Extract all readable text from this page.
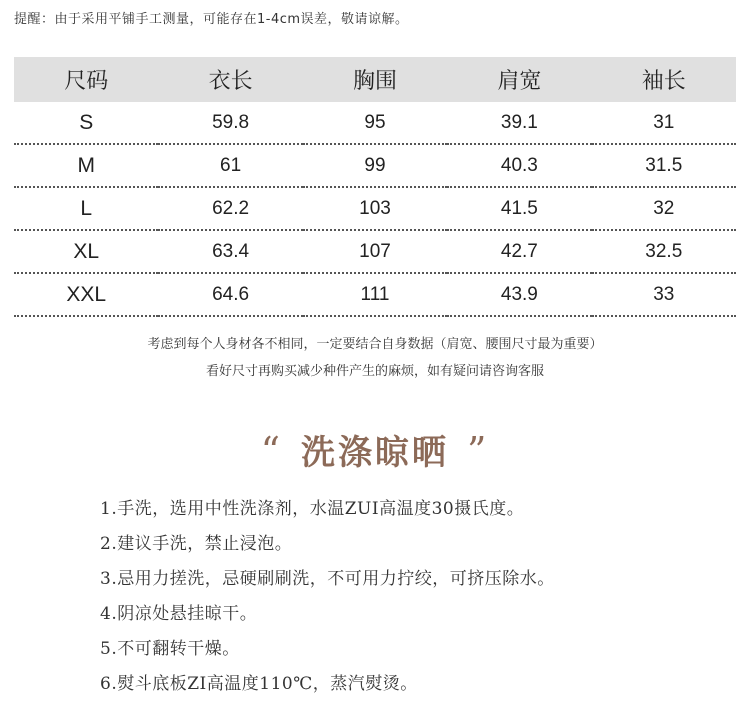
提醒：由于采用平铺手工测量，可能存在1-4cm误差，敬请谅解。
尺码	衣长	胸围	肩宽	袖长
S	59.8	95	39.1	31
M	61	99	40.3	31.5
L	62.2	103	41.5	32
XL	63.4	107	42.7	32.5
XXL	64.6	111	43.9	33
考虑到每个人身材各不相同，一定要结合自身数据（肩宽、腰围尺寸最为重要）
看好尺寸再购买减少种件产生的麻烦，如有疑问请咨询客服
“ 洗涤晾晒 ”
1.手洗，选用中性洗涤剂，水温ZUI高温度30摄氏度。
2.建议手洗，禁止浸泡。
3.忌用力搓洗，忌硬刷刷洗，不可用力拧绞，可挤压除水。
4.阴凉处悬挂晾干。
5.不可翻转干燥。
6.熨斗底板ZI高温度110℃，蒸汽熨烫。
